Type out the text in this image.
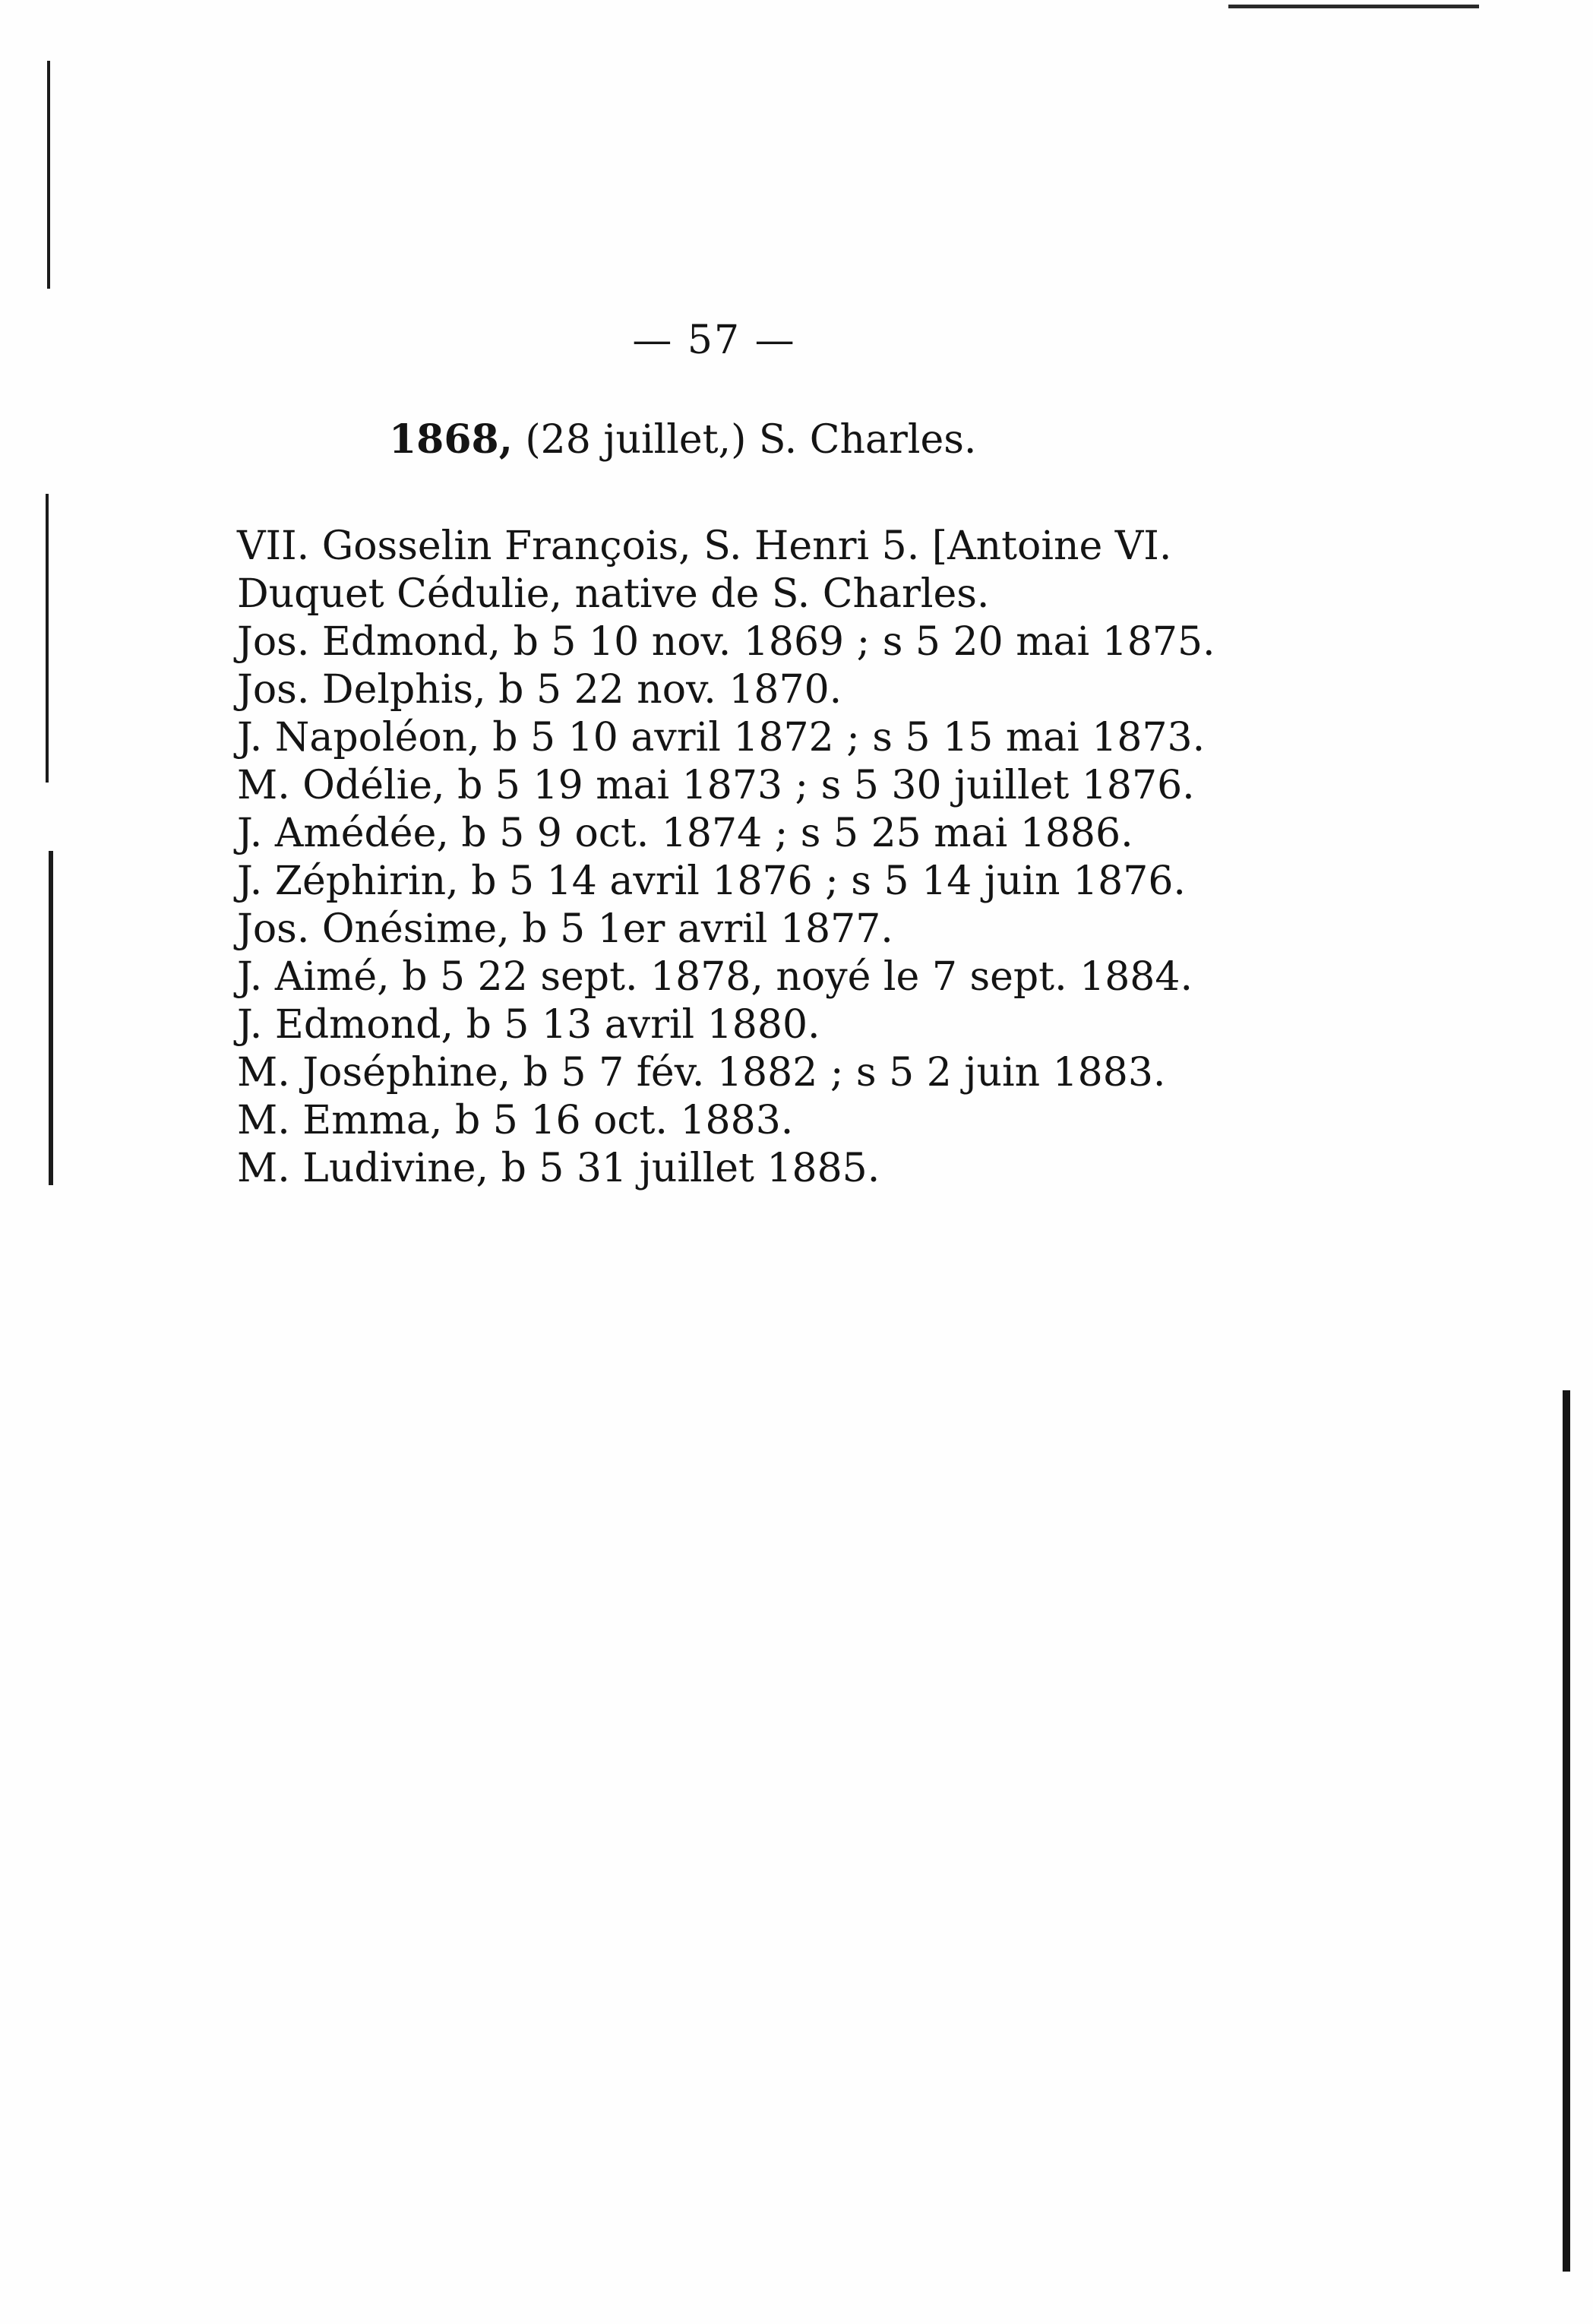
— 57 —
1868, (28 juillet,) S. Charles.
VII. Gosselin François, S. Henri 5. [Antoine VI.
Duquet Cédulie, native de S. Charles.
Jos. Edmond, b 5 10 nov. 1869 ; s 5 20 mai 1875.
Jos. Delphis, b 5 22 nov. 1870.
J. Napoléon, b 5 10 avril 1872 ; s 5 15 mai 1873.
M. Odélie, b 5 19 mai 1873 ; s 5 30 juillet 1876.
J. Amédée, b 5 9 oct. 1874 ; s 5 25 mai 1886.
J. Zéphirin, b 5 14 avril 1876 ; s 5 14 juin 1876.
Jos. Onésime, b 5 1er avril 1877.
J. Aimé, b 5 22 sept. 1878, noyé le 7 sept. 1884.
J. Edmond, b 5 13 avril 1880.
M. Joséphine, b 5 7 fév. 1882 ; s 5 2 juin 1883.
M. Emma, b 5 16 oct. 1883.
M. Ludivine, b 5 31 juillet 1885.
